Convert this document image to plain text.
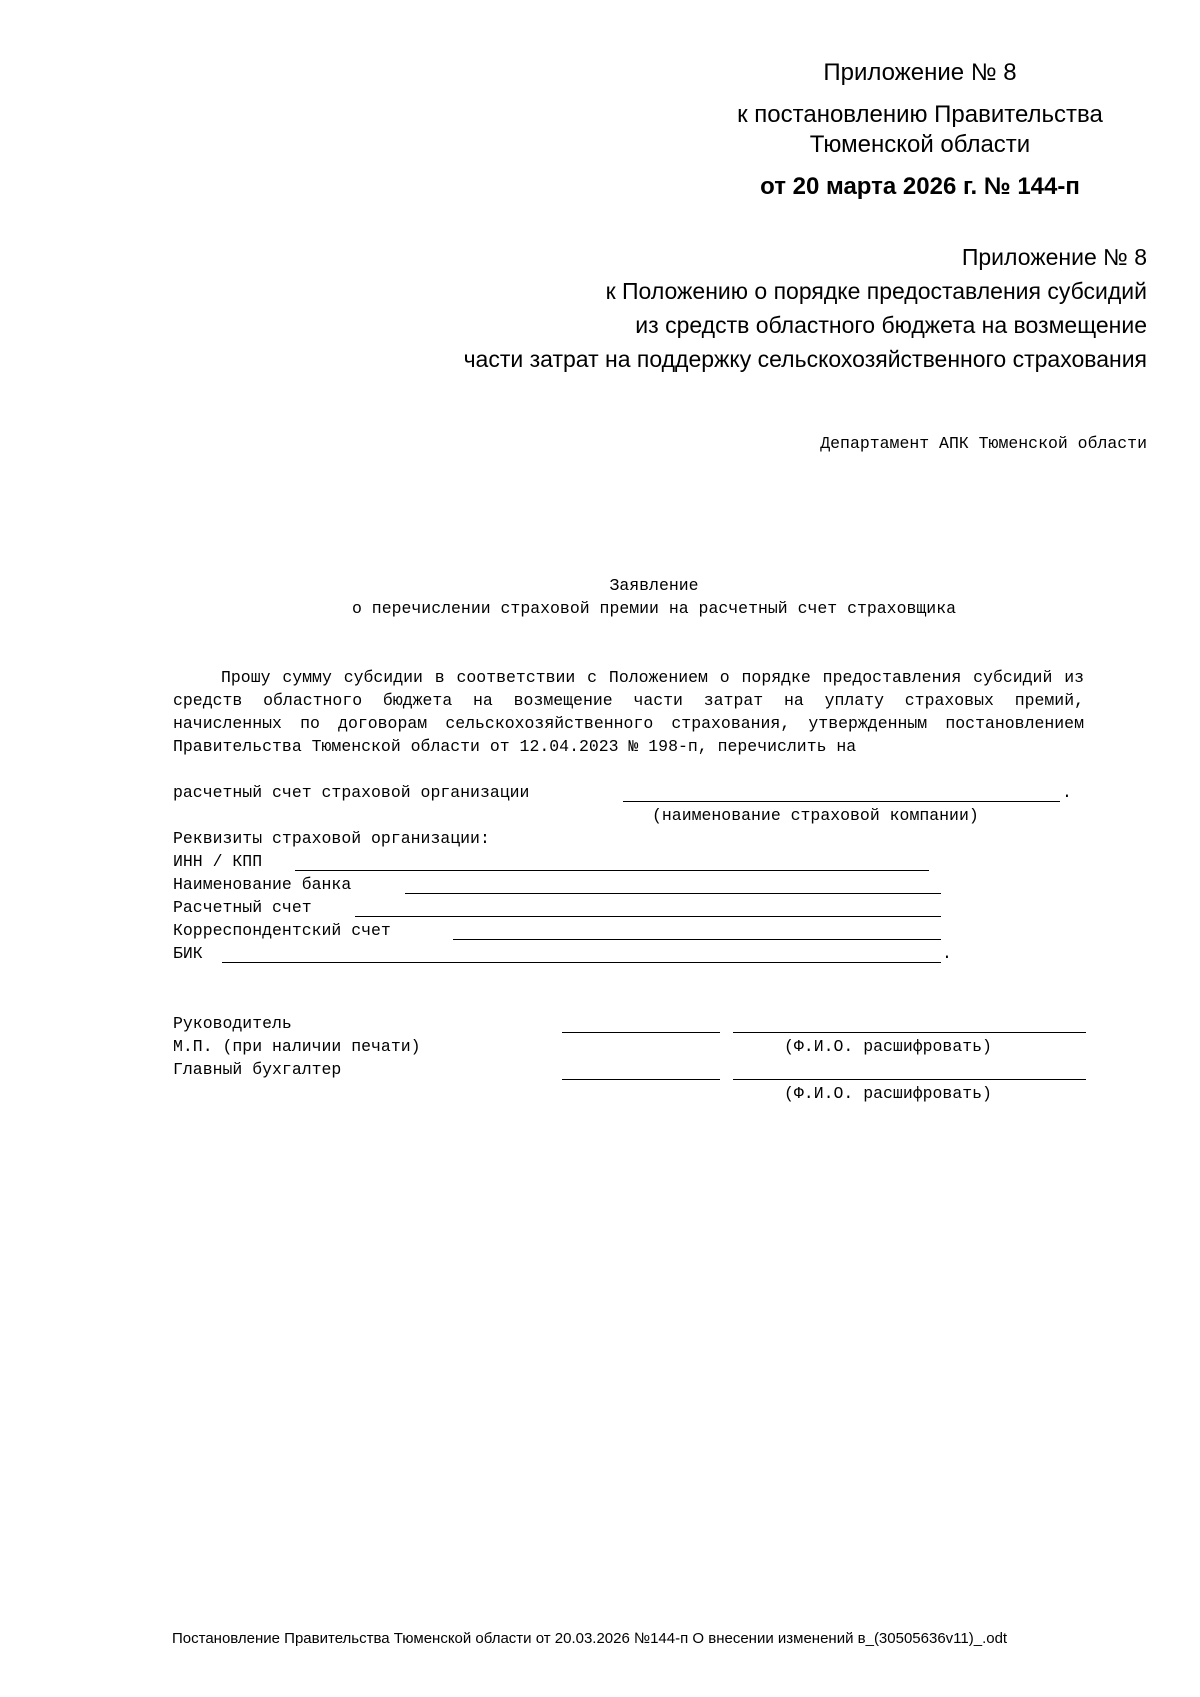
Приложение № 8
к постановлению Правительства
Тюменской области
от 20 марта 2026 г. № 144-п
Приложение № 8
к Положению о порядке предоставления субсидий
из средств областного бюджета на возмещение
части затрат на поддержку сельскохозяйственного страхования
Департамент АПК Тюменской области
Заявление
о перечислении страховой премии на расчетный счет страховщика

Прошу сумму субсидии в соответствии с Положением о порядке предоставления субсидий из средств областного бюджета на возмещение части затрат на уплату страховых премий, начисленных по договорам сельскохозяйственного страхования, утвержденным постановлением Правительства Тюменской области от 12.04.2023 № 198-п, перечислить на

расчетный счет страховой организации	.
(наименование страховой компании)
Реквизиты страховой организации:
ИНН / КПП
Наименование банка
Расчетный счет
Корреспондентский счет
БИК	.
Руководитель
М.П. (при наличии печати)	(Ф.И.О. расшифровать)
Главный бухгалтер
(Ф.И.О. расшифровать)
Постановление Правительства Тюменской области от 20.03.2026 №144-п О внесении изменений в_(30505636v11)_.odt
